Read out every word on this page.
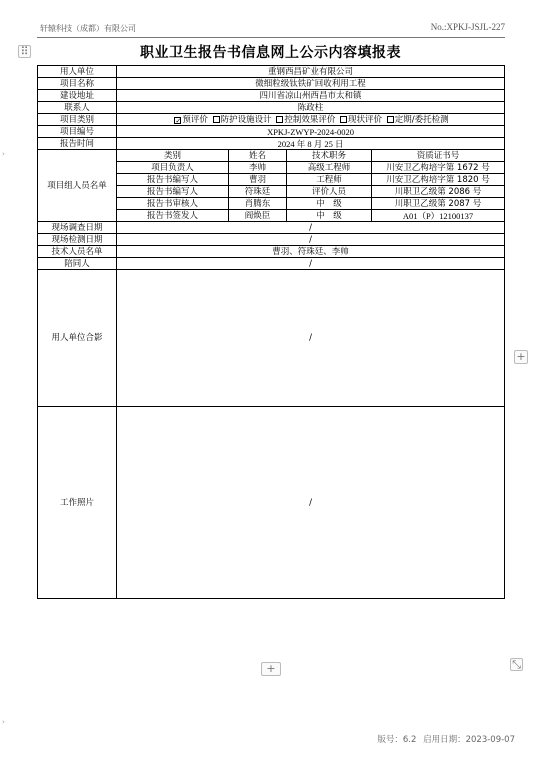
轩辕科技（成都）有限公司	No.:XPKJ-JSJL-227
⠿	职业卫生报告书信息网上公示内容填报表
›
›
用人单位	重钢西昌矿业有限公司
项目名称	微细粒级钛铁矿回收利用工程
建设地址	四川省凉山州西昌市太和镇
联系人	陈政柱
项目类别	✓预评价 防护设施设计 控制效果评价 现状评价 定期/委托检测
项目编号	XPKJ-ZWYP-2024-0020
报告时间	2024 年 8 月 25 日
项目组人员名单	类别	姓名		技术职务	资质证书号

项目负责人	李帅		高级工程师	川安卫乙构培字第 1672 号

报告书编写人	曹羽		工程师	川安卫乙构培字第 1820 号

报告书编写人	符珠廷		评价人员	川职卫乙级第 2086 号

报告书审核人	肖腾东		中　级	川职卫乙级第 2087 号

报告书签发人	阎焕臣		中　级	A01（P）12100137

现场调查日期	/
现场检测日期	/
技术人员名单	曹羽、符珠廷、李帅
陪同人	/
用人单位合影	/
工作照片	/
+
+	⤡
版号：6.2 启用日期：2023-09-07
